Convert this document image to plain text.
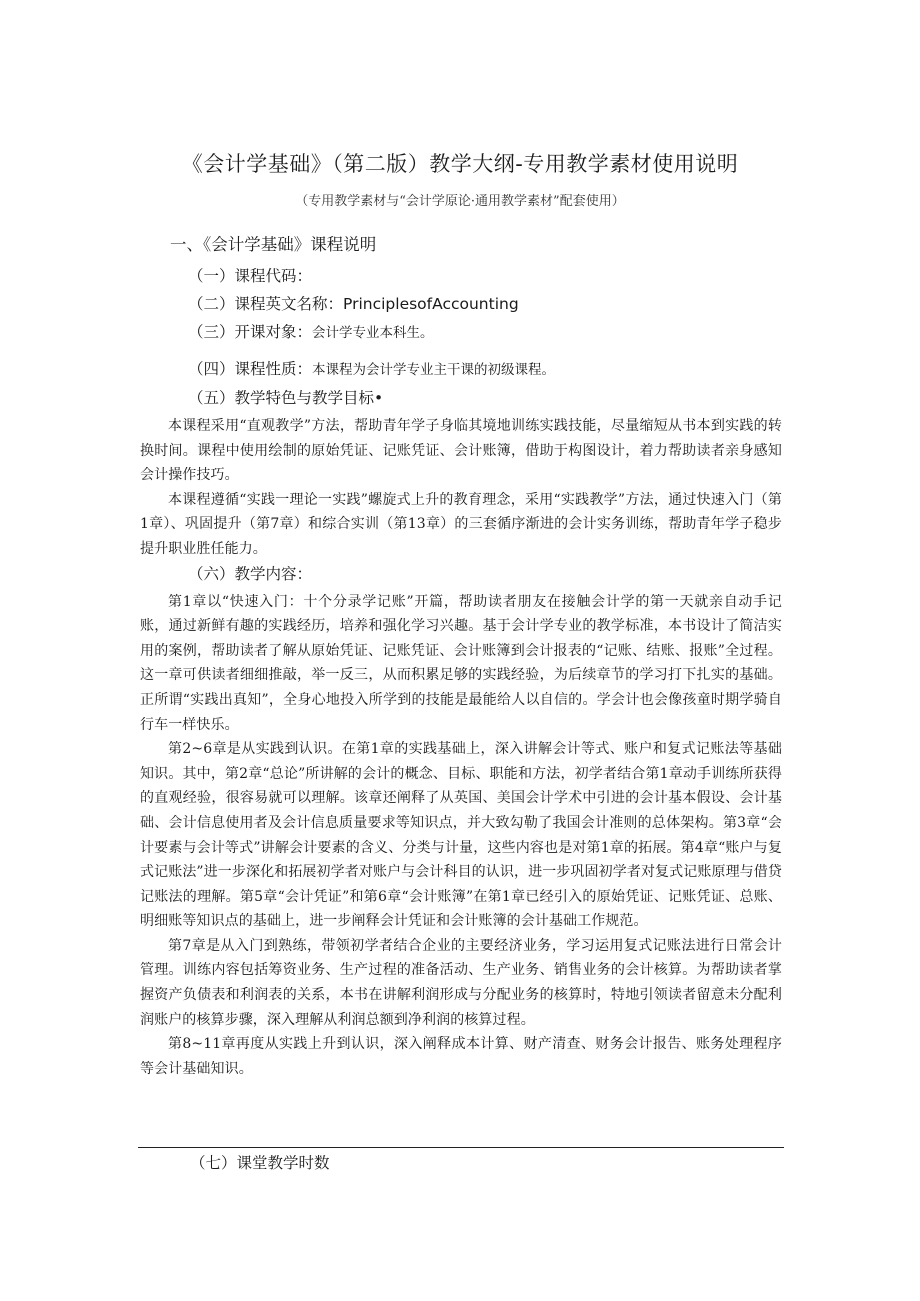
《会计学基础》（第二版）教学大纲-专用教学素材使用说明
（专用教学素材与“会计学原论·通用教学素材”配套使用）
一、《会计学基础》课程说明
（一）课程代码：
（二）课程英文名称：PrinciplesofAccounting
（三）开课对象：会计学专业本科生。
（四）课程性质：本课程为会计学专业主干课的初级课程。
（五）教学特色与教学目标•

本课程采用“直观教学”方法，帮助青年学子身临其境地训练实践技能，尽量缩短从书本到实践的转换时间。课程中使用绘制的原始凭证、记账凭证、会计账簿，借助于构图设计，着力帮助读者亲身感知会计操作技巧。

本课程遵循“实践一理论一实践”螺旋式上升的教育理念，采用“实践教学”方法，通过快速入门（第1章）、巩固提升（第7章）和综合实训（第13章）的三套循序渐进的会计实务训练，帮助青年学子稳步提升职业胜任能力。

（六）教学内容：

第1章以“快速入门：十个分录学记账”开篇，帮助读者朋友在接触会计学的第一天就亲自动手记账，通过新鲜有趣的实践经历，培养和强化学习兴趣。基于会计学专业的教学标准，本书设计了简洁实用的案例，帮助读者了解从原始凭证、记账凭证、会计账簿到会计报表的“记账、结账、报账”全过程。这一章可供读者细细推敲，举一反三，从而积累足够的实践经验，为后续章节的学习打下扎实的基础。正所谓“实践出真知”，全身心地投入所学到的技能是最能给人以自信的。学会计也会像孩童时期学骑自行车一样快乐。

第2~6章是从实践到认识。在第1章的实践基础上，深入讲解会计等式、账户和复式记账法等基础知识。其中，第2章“总论”所讲解的会计的概念、目标、职能和方法，初学者结合第1章动手训练所获得的直观经验，很容易就可以理解。该章还阐释了从英国、美国会计学术中引进的会计基本假设、会计基础、会计信息使用者及会计信息质量要求等知识点，并大致勾勒了我国会计准则的总体架构。第3章“会计要素与会计等式”讲解会计要素的含义、分类与计量，这些内容也是对第1章的拓展。第4章“账户与复式记账法”进一步深化和拓展初学者对账户与会计科目的认识，进一步巩固初学者对复式记账原理与借贷记账法的理解。第5章“会计凭证”和第6章“会计账簿”在第1章已经引入的原始凭证、记账凭证、总账、明细账等知识点的基础上，进一步阐释会计凭证和会计账簿的会计基础工作规范。

第7章是从入门到熟练，带领初学者结合企业的主要经济业务，学习运用复式记账法进行日常会计管理。训练内容包括筹资业务、生产过程的准备活动、生产业务、销售业务的会计核算。为帮助读者掌握资产负债表和利润表的关系，本书在讲解利润形成与分配业务的核算时，特地引领读者留意未分配利润账户的核算步骤，深入理解从利润总额到净利润的核算过程。

第8~11章再度从实践上升到认识，深入阐释成本计算、财产清查、财务会计报告、账务处理程序等会计基础知识。

（七）课堂教学时数
